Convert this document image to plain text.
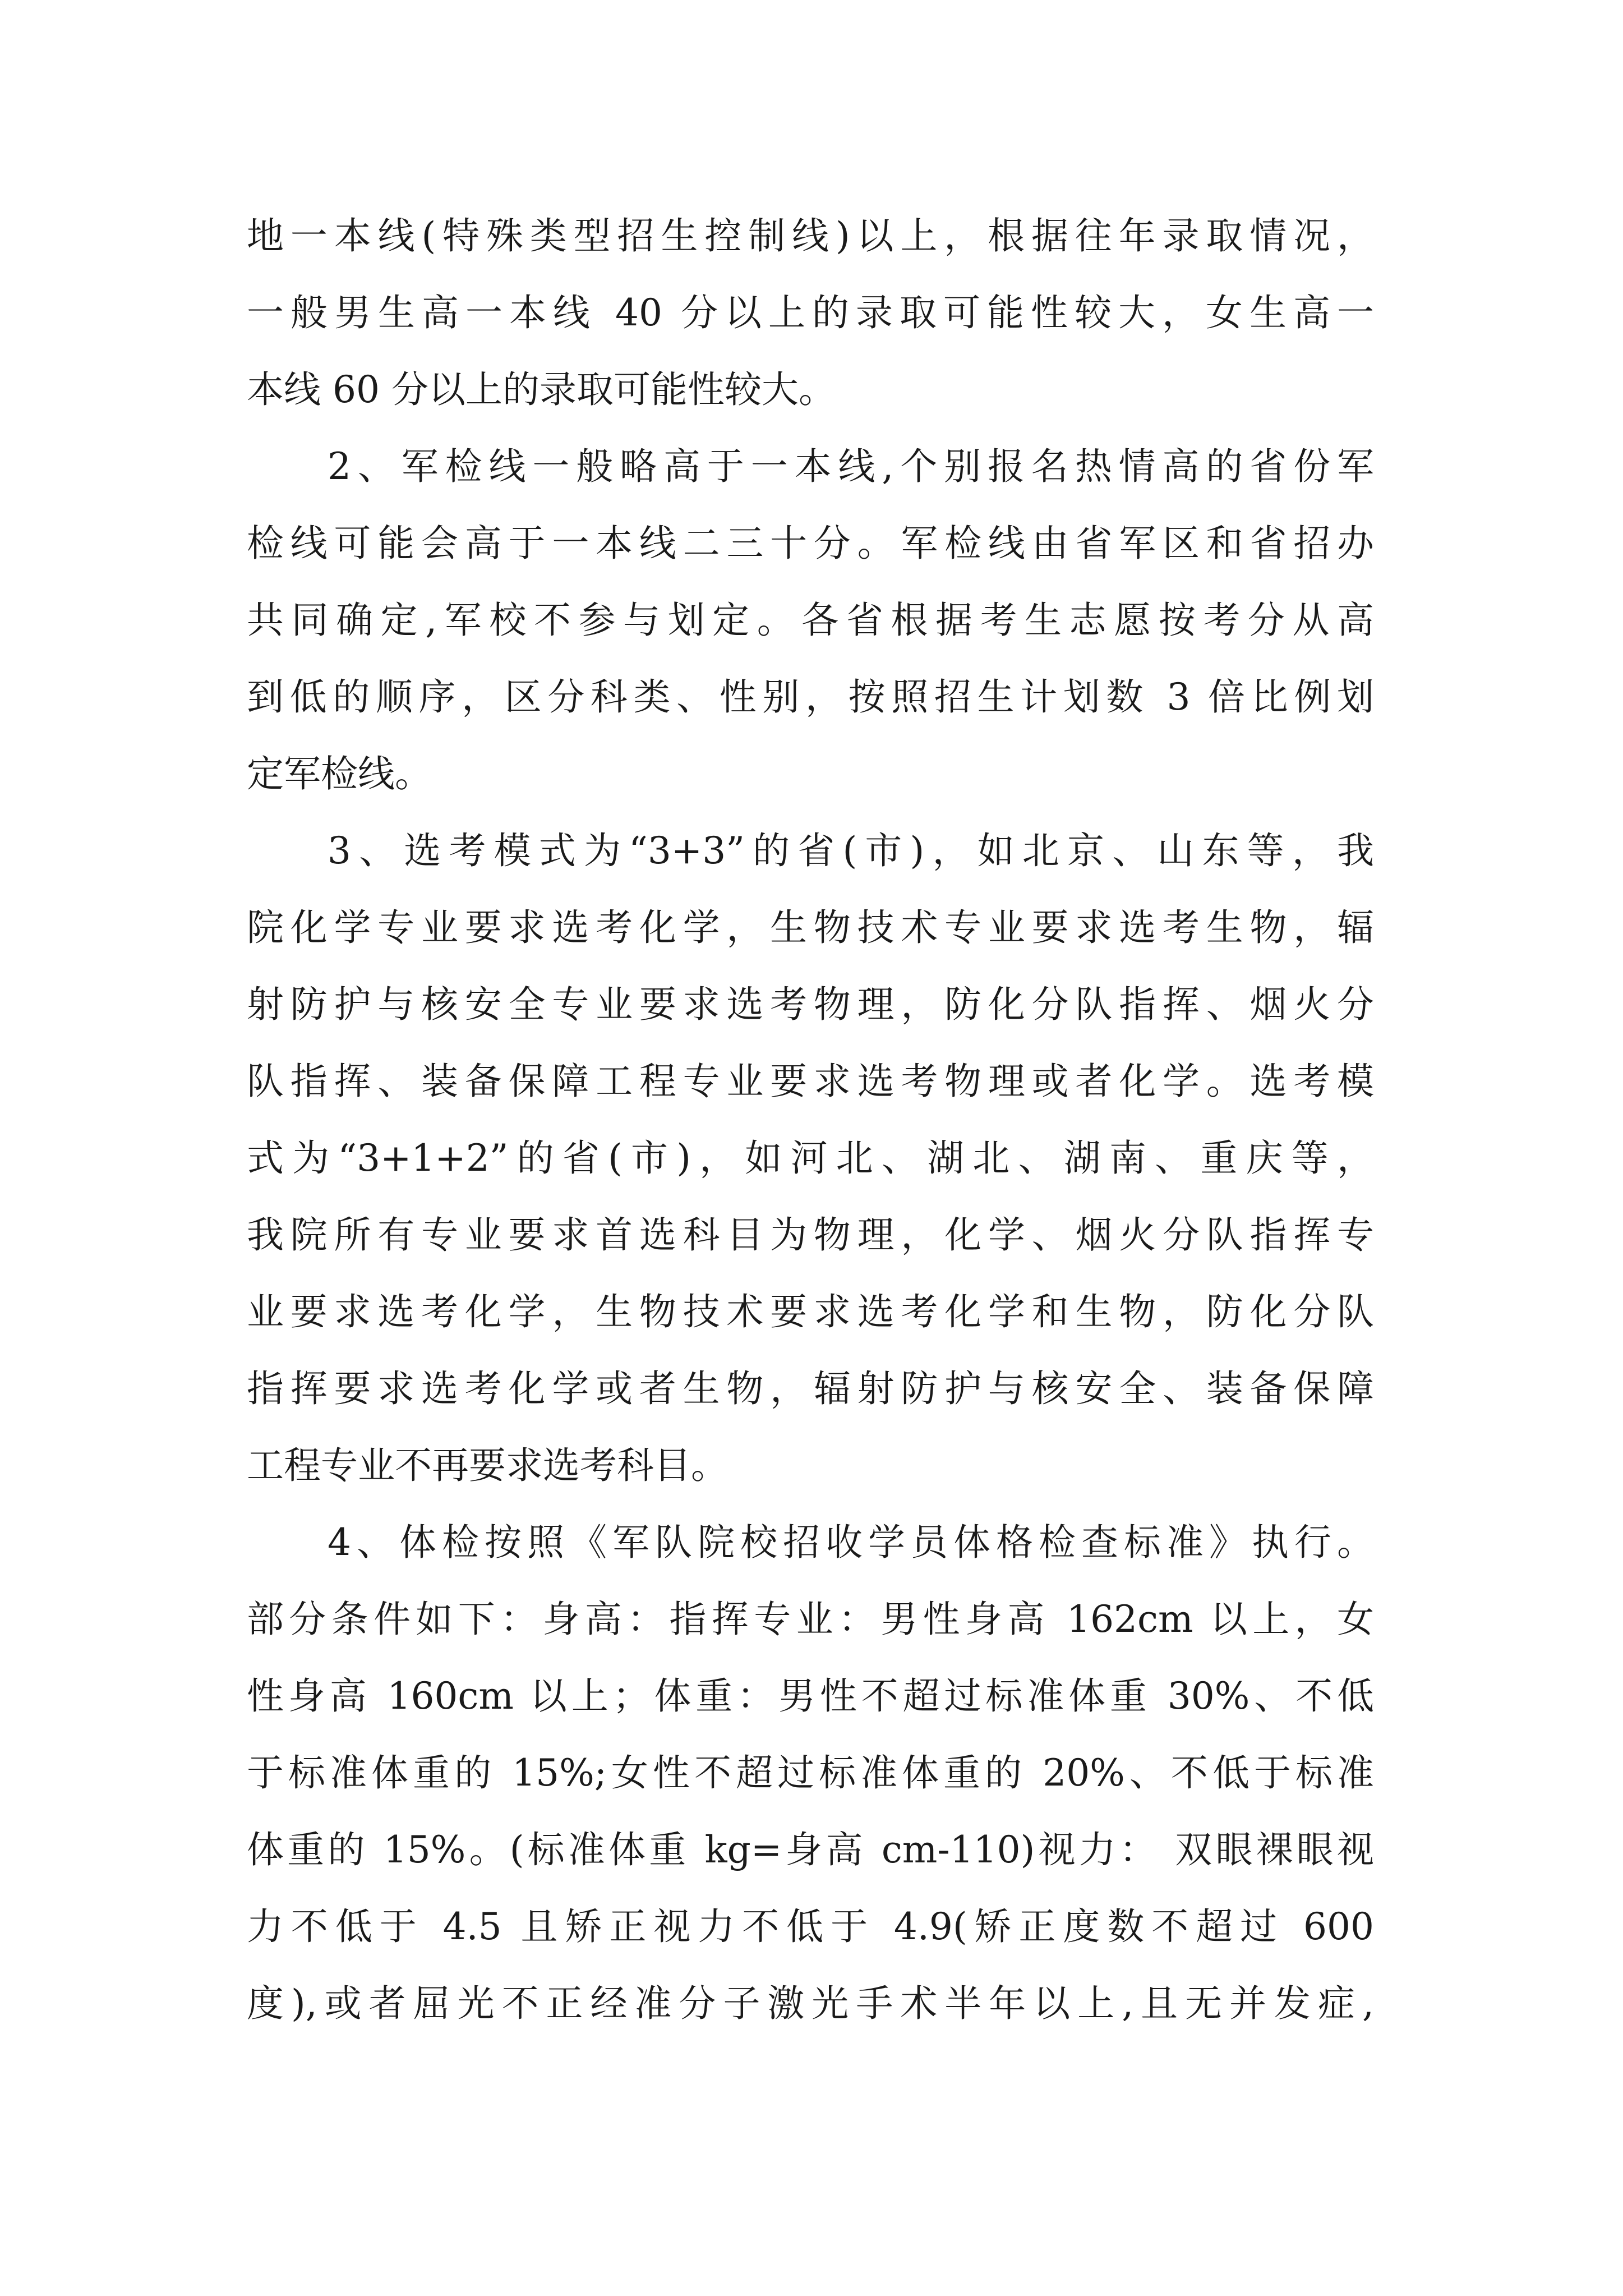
地一本线(特殊类型招生控制线)以上，根据往年录取情况，
一般男生高一本线 40 分以上的录取可能性较大，女生高一
本线 60 分以上的录取可能性较大。
2、军检线一般略高于一本线,个别报名热情高的省份军
检线可能会高于一本线二三十分。军检线由省军区和省招办
共同确定,军校不参与划定。各省根据考生志愿按考分从高
到低的顺序，区分科类、性别，按照招生计划数 3 倍比例划
定军检线。
3、选考模式为“3+3”的省(市)，如北京、山东等，我
院化学专业要求选考化学，生物技术专业要求选考生物，辐
射防护与核安全专业要求选考物理，防化分队指挥、烟火分
队指挥、装备保障工程专业要求选考物理或者化学。选考模
式为“3+1+2”的省(市)，如河北、湖北、湖南、重庆等，
我院所有专业要求首选科目为物理，化学、烟火分队指挥专
业要求选考化学，生物技术要求选考化学和生物，防化分队
指挥要求选考化学或者生物，辐射防护与核安全、装备保障
工程专业不再要求选考科目。
4、体检按照《军队院校招收学员体格检查标准》执行。
部分条件如下：身高：指挥专业：男性身高 162cm 以上，女
性身高 160cm 以上；体重：男性不超过标准体重 30%、不低
于标准体重的 15%;女性不超过标准体重的 20%、不低于标准
体重的 15%。(标准体重 kg=身高 cm-110)视力： 双眼裸眼视
力不低于 4.5 且矫正视力不低于 4.9(矫正度数不超过 600
度),或者屈光不正经准分子激光手术半年以上,且无并发症,
